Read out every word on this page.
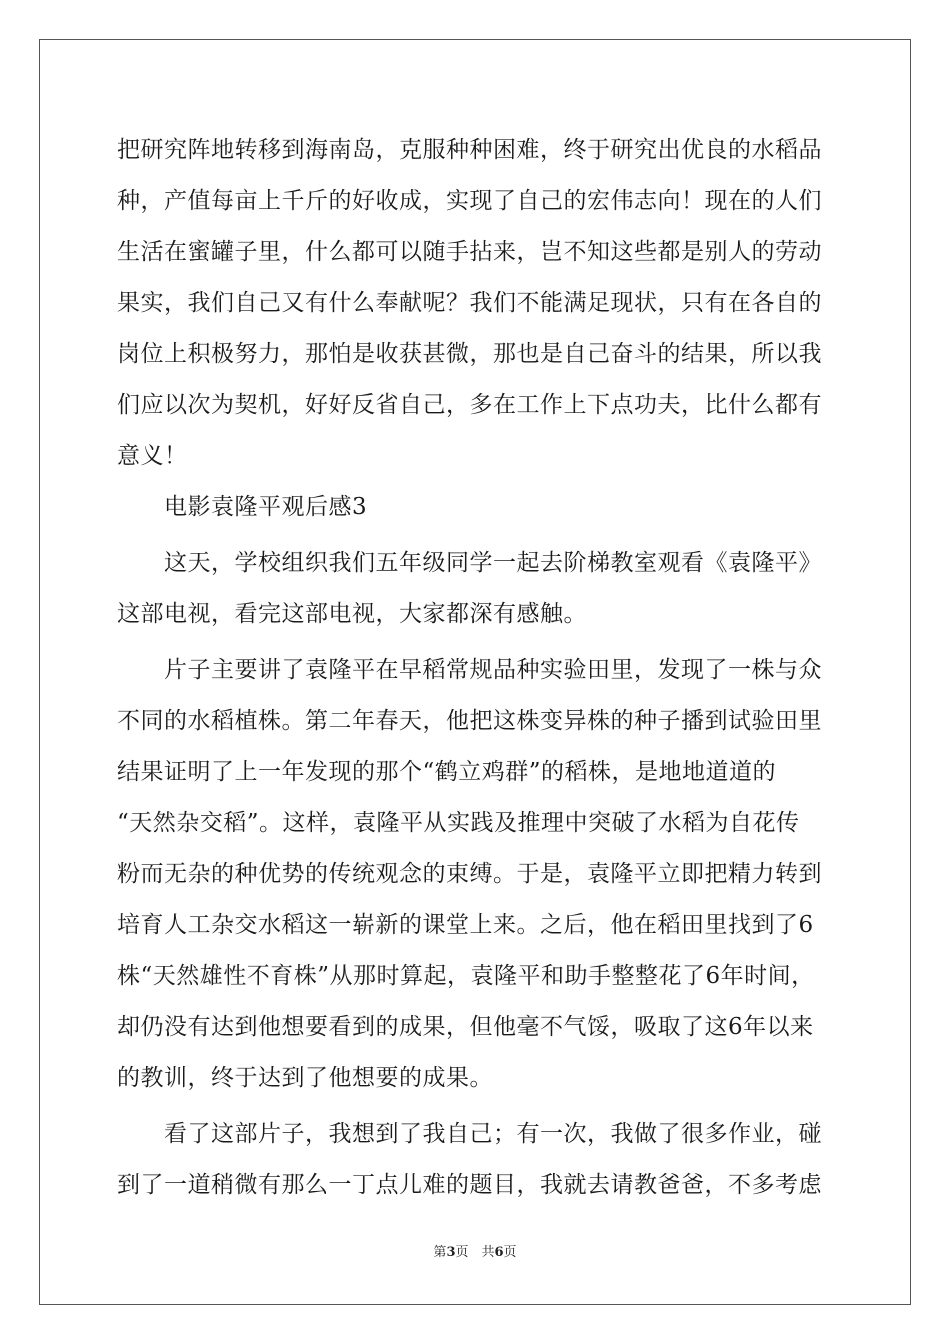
把研究阵地转移到海南岛，克服种种困难，终于研究出优良的水稻品
种，产值每亩上千斤的好收成，实现了自己的宏伟志向！现在的人们
生活在蜜罐子里，什么都可以随手拈来，岂不知这些都是别人的劳动
果实，我们自己又有什么奉献呢？我们不能满足现状，只有在各自的
岗位上积极努力，那怕是收获甚微，那也是自己奋斗的结果，所以我
们应以次为契机，好好反省自己，多在工作上下点功夫，比什么都有
意义！
电影袁隆平观后感3
这天，学校组织我们五年级同学一起去阶梯教室观看《袁隆平》
这部电视，看完这部电视，大家都深有感触。
片子主要讲了袁隆平在早稻常规品种实验田里，发现了一株与众
不同的水稻植株。第二年春天，他把这株变异株的种子播到试验田里
结果证明了上一年发现的那个“鹤立鸡群”的稻株，是地地道道的
“天然杂交稻”。这样，袁隆平从实践及推理中突破了水稻为自花传
粉而无杂的种优势的传统观念的束缚。于是，袁隆平立即把精力转到
培育人工杂交水稻这一崭新的课堂上来。之后，他在稻田里找到了6
株“天然雄性不育株”从那时算起，袁隆平和助手整整花了6年时间，
却仍没有达到他想要看到的成果，但他毫不气馁，吸取了这6年以来
的教训，终于达到了他想要的成果。
看了这部片子，我想到了我自己；有一次，我做了很多作业，碰
到了一道稍微有那么一丁点儿难的题目，我就去请教爸爸，不多考虑
第3页　共6页
